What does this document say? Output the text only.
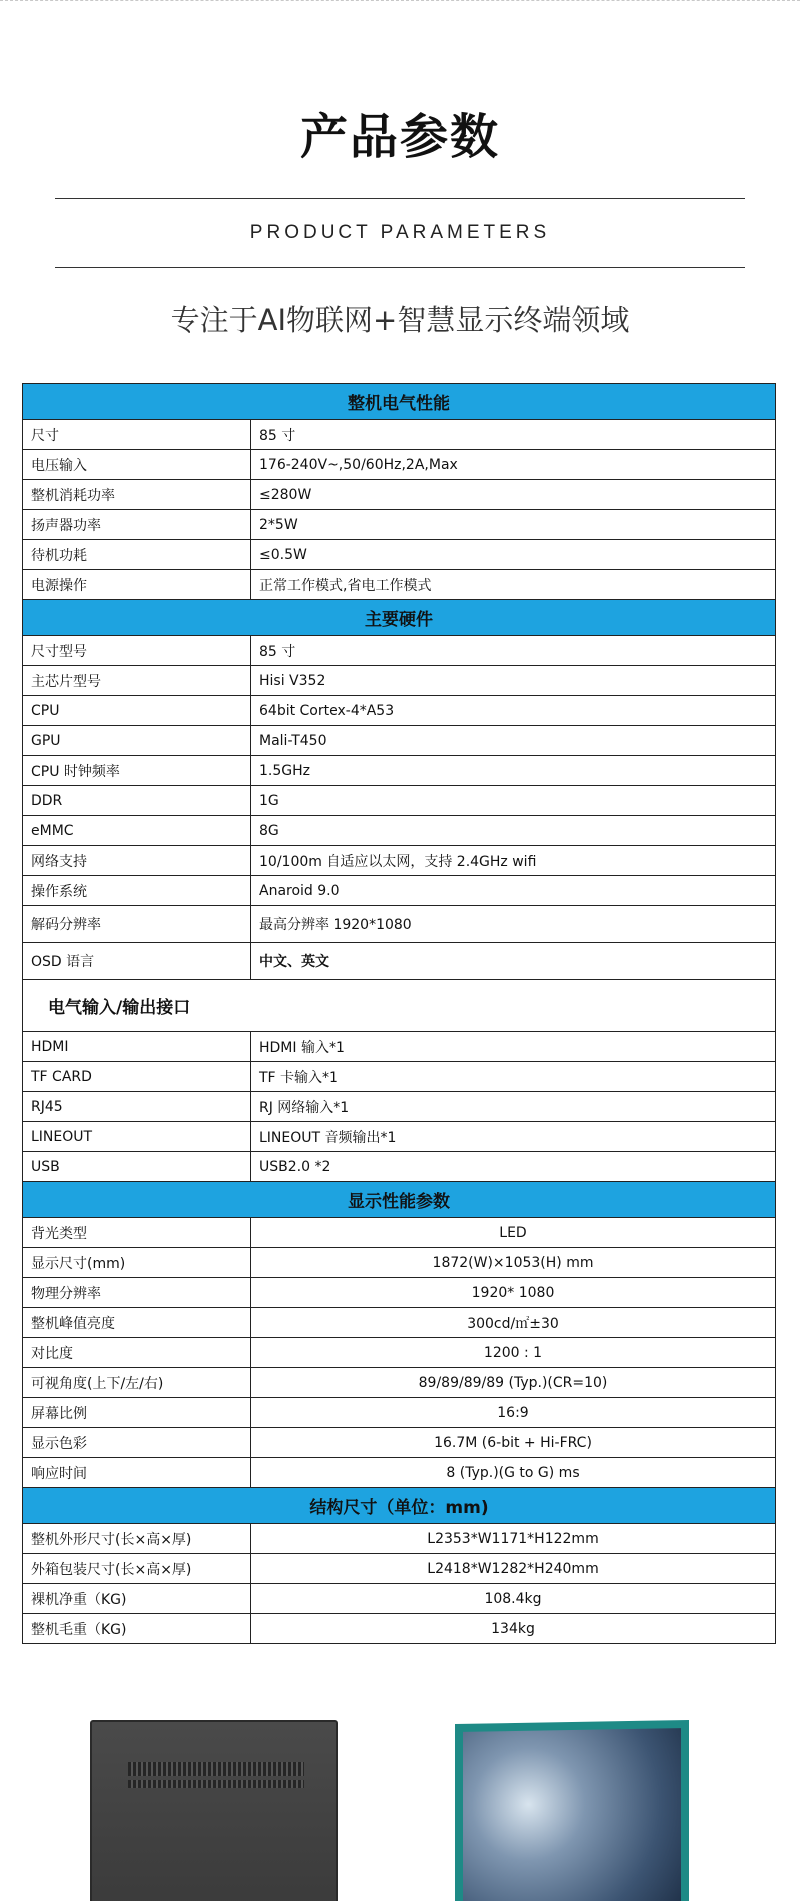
产品参数
PRODUCT PARAMETERS
专注于AI物联网+智慧显示终端领域
整机电气性能	
尺寸	85 寸
电压输入	176-240V~,50/60Hz,2A,Max
整机消耗功率	≤280W
扬声器功率	2*5W
待机功耗	≤0.5W
电源操作	正常工作模式,省电工作模式
主要硬件	
尺寸型号	85 寸
主芯片型号	Hisi V352
CPU	64bit Cortex-4*A53
GPU	Mali-T450
CPU 时钟频率	1.5GHz
DDR	1G
eMMC	8G
网络支持	10/100m 自适应以太网，支持 2.4GHz wifi
操作系统	Anaroid 9.0
解码分辨率	最高分辨率 1920*1080
OSD 语言	中文、英文
电气输入/输出接口	
HDMI	HDMI 输入*1
TF CARD	TF 卡输入*1
RJ45	RJ 网络输入*1
LINEOUT	LINEOUT 音频输出*1
USB	USB2.0 *2
显示性能参数	
背光类型	LED
显示尺寸(mm)	1872(W)×1053(H) mm
物理分辨率	1920* 1080
整机峰值亮度	300cd/㎡±30
对比度	1200 : 1
可视角度(上下/左/右)	89/89/89/89 (Typ.)(CR=10)
屏幕比例	16:9
显示色彩	16.7M (6-bit + Hi-FRC)
响应时间	8 (Typ.)(G to G) ms
结构尺寸（单位：mm)	
整机外形尺寸(长×高×厚)	L2353*W1171*H122mm
外箱包装尺寸(长×高×厚)	L2418*W1282*H240mm
裸机净重（KG)	108.4kg
整机毛重（KG)	134kg
